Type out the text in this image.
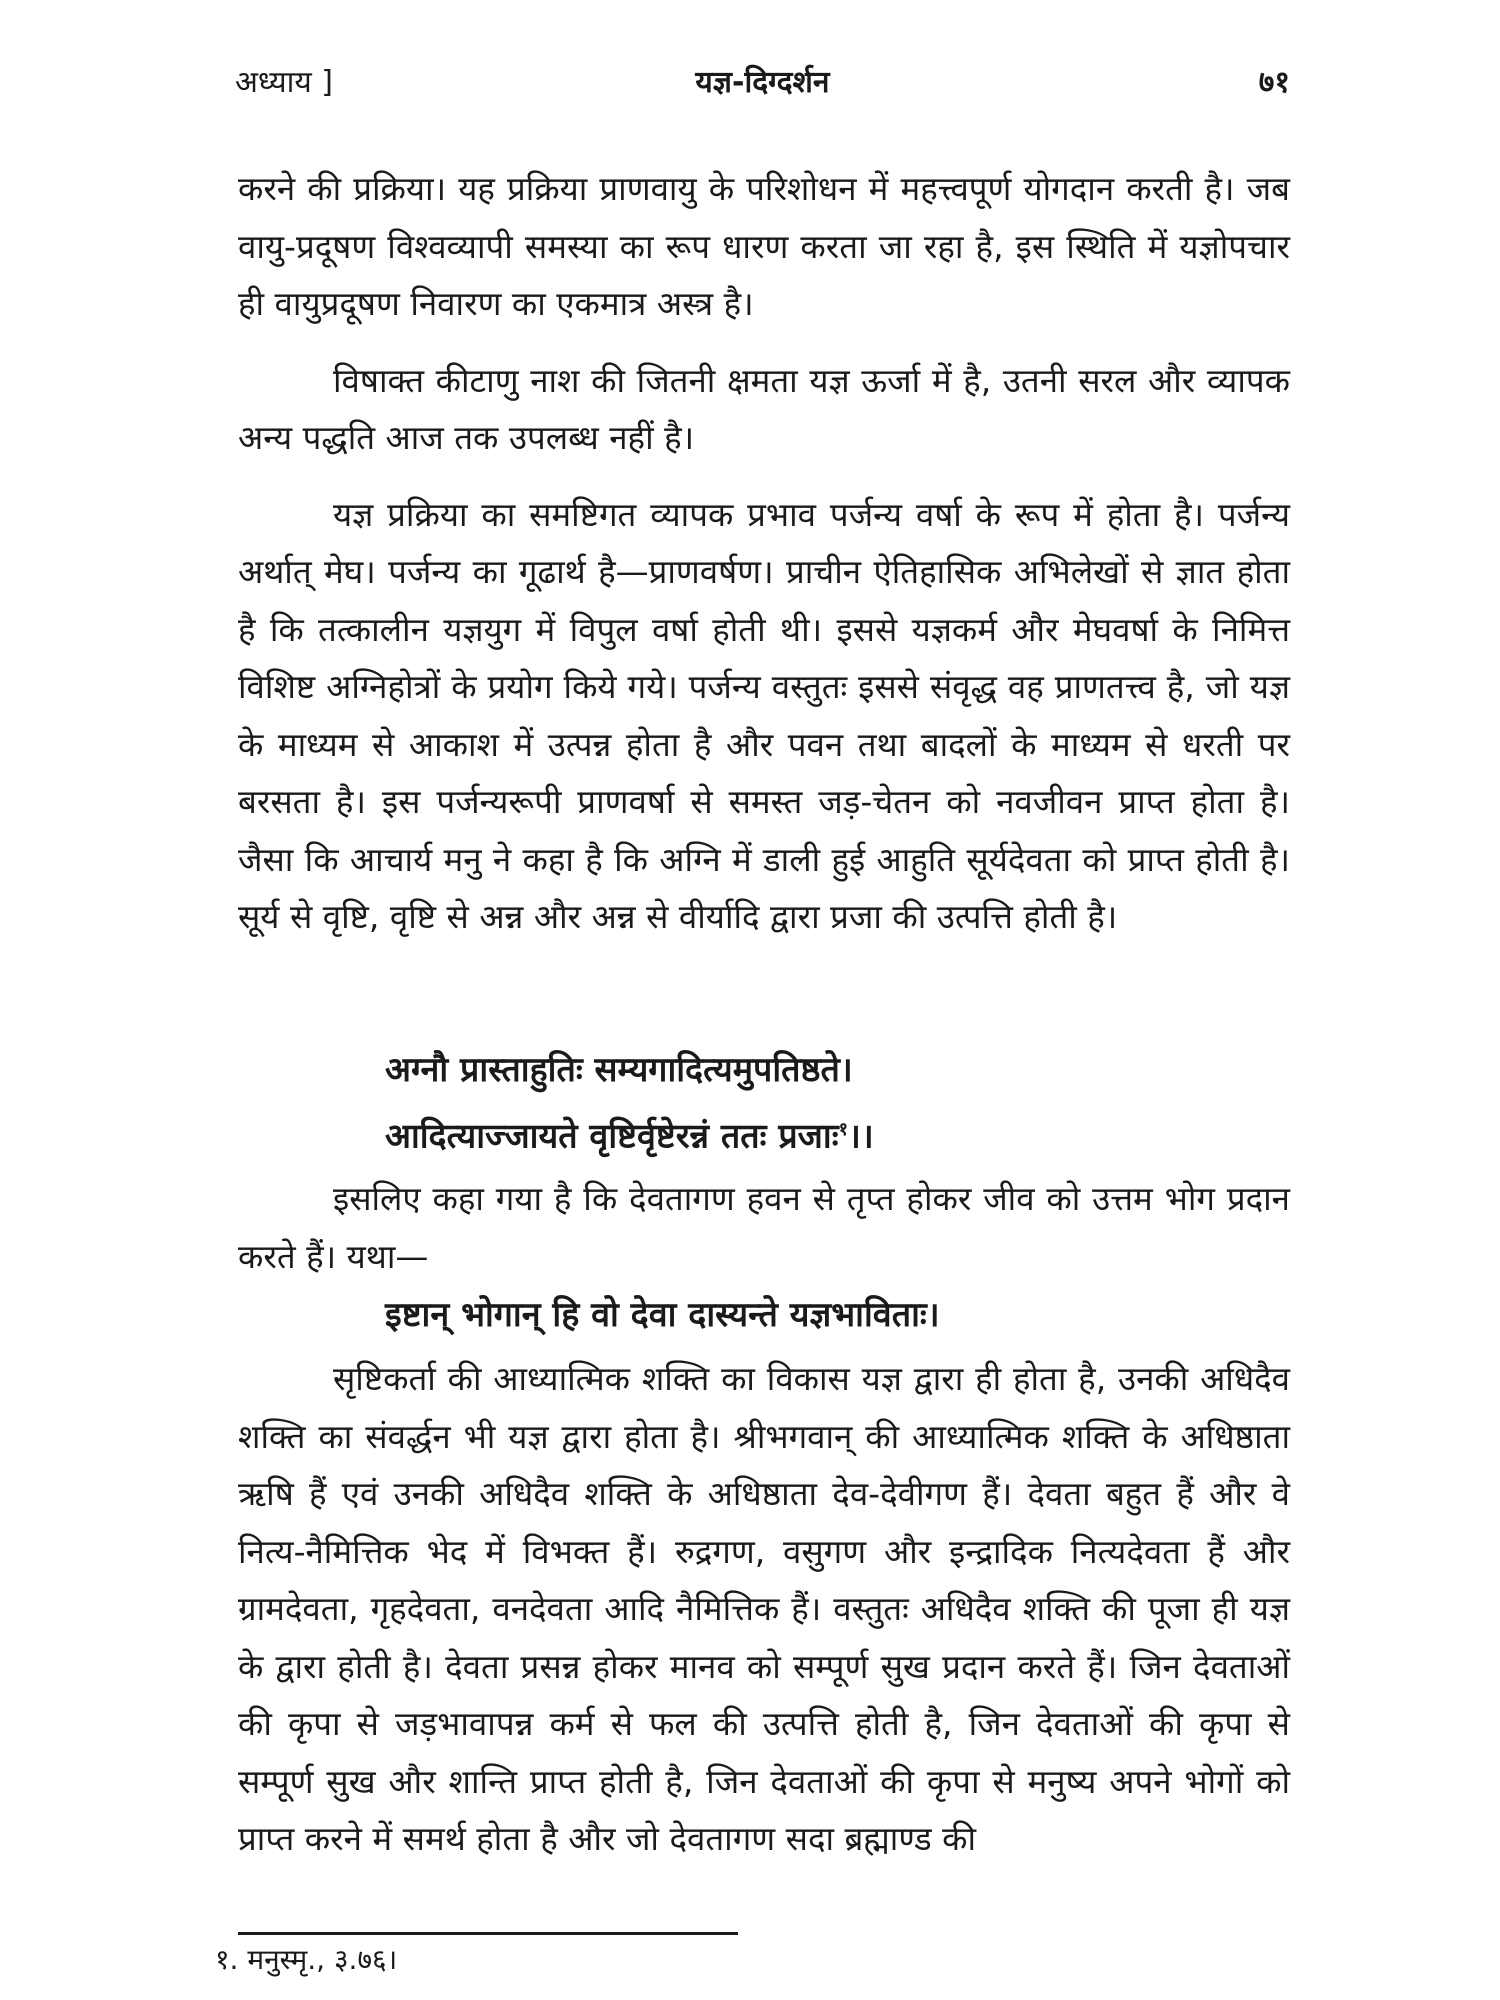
अध्याय ]	यज्ञ-दिग्दर्शन	७१

करने की प्रक्रिया। यह प्रक्रिया प्राणवायु के परिशोधन में महत्त्वपूर्ण योगदान करती है। जब वायु-प्रदूषण विश्वव्यापी समस्या का रूप धारण करता जा रहा है, इस स्थिति में यज्ञोपचार ही वायुप्रदूषण निवारण का एकमात्र अस्त्र है।

विषाक्त कीटाणु नाश की जितनी क्षमता यज्ञ ऊर्जा में है, उतनी सरल और व्यापक अन्य पद्धति आज तक उपलब्ध नहीं है।

यज्ञ प्रक्रिया का समष्टिगत व्यापक प्रभाव पर्जन्य वर्षा के रूप में होता है। पर्जन्य अर्थात् मेघ। पर्जन्य का गूढार्थ है—प्राणवर्षण। प्राचीन ऐतिहासिक अभिलेखों से ज्ञात होता है कि तत्कालीन यज्ञयुग में विपुल वर्षा होती थी। इससे यज्ञकर्म और मेघवर्षा के निमित्त विशिष्ट अग्निहोत्रों के प्रयोग किये गये। पर्जन्य वस्तुतः इससे संवृद्ध वह प्राणतत्त्व है, जो यज्ञ के माध्यम से आकाश में उत्पन्न होता है और पवन तथा बादलों के माध्यम से धरती पर बरसता है। इस पर्जन्यरूपी प्राणवर्षा से समस्त जड़-चेतन को नवजीवन प्राप्त होता है। जैसा कि आचार्य मनु ने कहा है कि अग्नि में डाली हुई आहुति सूर्यदेवता को प्राप्त होती है। सूर्य से वृष्टि, वृष्टि से अन्न और अन्न से वीर्यादि द्वारा प्रजा की उत्पत्ति होती है।

अग्नौ प्रास्ताहुतिः सम्यगादित्यमुपतिष्ठते।
आदित्याज्जायते वृष्टिर्वृष्टेरन्नं ततः प्रजाः$^१$।।

इसलिए कहा गया है कि देवतागण हवन से तृप्त होकर जीव को उत्तम भोग प्रदान करते हैं। यथा—

इष्टान् भोगान् हि वो देवा दास्यन्ते यज्ञभाविताः।

सृष्टिकर्ता की आध्यात्मिक शक्ति का विकास यज्ञ द्वारा ही होता है, उनकी अधिदैव शक्ति का संवर्द्धन भी यज्ञ द्वारा होता है। श्रीभगवान् की आध्यात्मिक शक्ति के अधिष्ठाता ऋषि हैं एवं उनकी अधिदैव शक्ति के अधिष्ठाता देव-देवीगण हैं। देवता बहुत हैं और वे नित्य-नैमित्तिक भेद में विभक्त हैं। रुद्रगण, वसुगण और इन्द्रादिक नित्यदेवता हैं और ग्रामदेवता, गृहदेवता, वनदेवता आदि नैमित्तिक हैं। वस्तुतः अधिदैव शक्ति की पूजा ही यज्ञ के द्वारा होती है। देवता प्रसन्न होकर मानव को सम्पूर्ण सुख प्रदान करते हैं। जिन देवताओं की कृपा से जड़भावापन्न कर्म से फल की उत्पत्ति होती है, जिन देवताओं की कृपा से सम्पूर्ण सुख और शान्ति प्राप्त होती है, जिन देवताओं की कृपा से मनुष्य अपने भोगों को प्राप्त करने में समर्थ होता है और जो देवतागण सदा ब्रह्माण्ड की

१. मनुस्मृ., ३.७६।
